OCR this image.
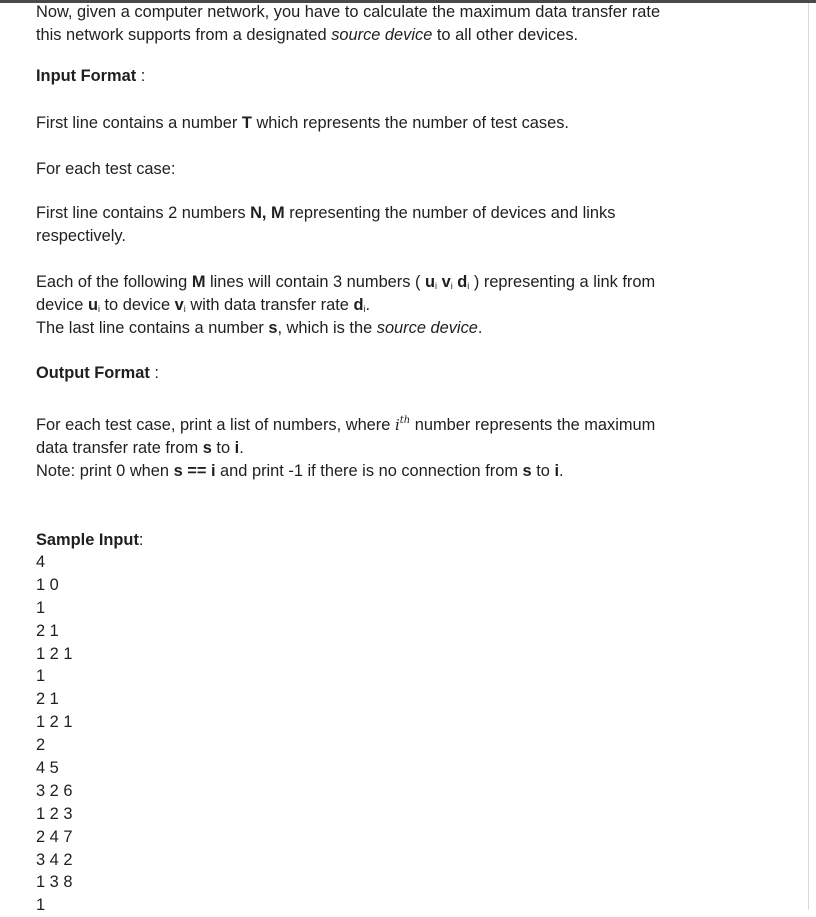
Now, given a computer network, you have to calculate the maximum data transfer rate

this network supports from a designated source device to all other devices.

Input Format :

First line contains a number T which represents the number of test cases.

For each test case:

First line contains 2 numbers N, M representing the number of devices and links

respectively.

Each of the following M lines will contain 3 numbers ( $u_i$ $v_i$ $d_i$ ) representing a link from

device $u_i$ to device $v_i$ with data transfer rate $d_i$.

The last line contains a number s, which is the source device.

Output Format :

For each test case, print a list of numbers, where $i^{th}$ number represents the maximum

data transfer rate from s to i.

Note: print 0 when s == i and print -1 if there is no connection from s to i.

Sample Input:

4
1 0
1
2 1
1 2 1
1
2 1
1 2 1
2
4 5
3 2 6
1 2 3
2 4 7
3 4 2
1 3 8
1
